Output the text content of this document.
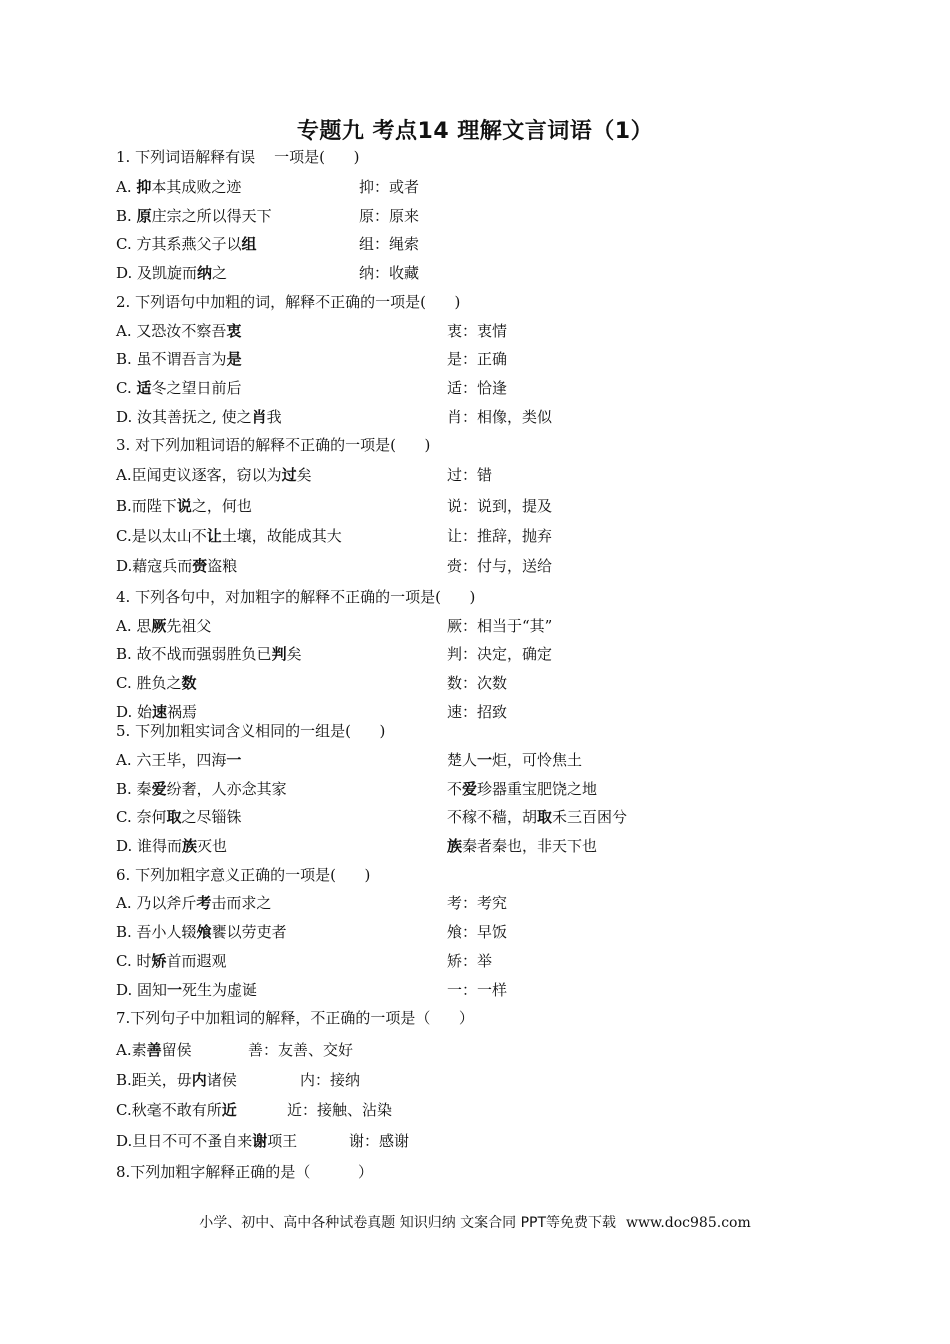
专题九 考点14 理解文言词语（1）
1. 下列词语解释有误    一项是(      )
A. 抑本其成败之迹	抑：或者
B. 原庄宗之所以得天下	原：原来
C. 方其系燕父子以组	组：绳索
D. 及凯旋而纳之	纳：收藏
2. 下列语句中加粗的词，解释不正确的一项是(      )
A. 又恐汝不察吾衷	衷：衷情
B. 虽不谓吾言为是	是：正确
C. 适冬之望日前后	适：恰逢
D. 汝其善抚之, 使之肖我	肖：相像，类似
3. 对下列加粗词语的解释不正确的一项是(      )
A.臣闻吏议逐客，窃以为过矣	过：错
B.而陛下说之，何也	说：说到，提及
C.是以太山不让土壤，故能成其大	让：推辞，抛弃
D.藉寇兵而赍盗粮	赍：付与，送给
4. 下列各句中，对加粗字的解释不正确的一项是(      )
A. 思厥先祖父	厥：相当于“其”
B. 故不战而强弱胜负已判矣	判：决定，确定
C. 胜负之数	数：次数
D. 始速祸焉	速：招致
5. 下列加粗实词含义相同的一组是(      )
A. 六王毕，四海一	楚人一炬，可怜焦土
B. 秦爱纷奢，人亦念其家	不爱珍器重宝肥饶之地
C. 奈何取之尽锱铢	不稼不穑，胡取禾三百困兮
D. 谁得而族灭也	族秦者秦也，非天下也
6. 下列加粗字意义正确的一项是(      )
A. 乃以斧斤考击而求之	考：考究
B. 吾小人辍飧饔以劳吏者	飧：早饭
C. 时矫首而遐观	矫：举
D. 固知一死生为虚诞	一：一样
7.下列句子中加粗词的解释，不正确的一项是（      ）
A.素善留侯	善：友善、交好
B.距关，毋内诸侯	内：接纳
C.秋毫不敢有所近	近：接触、沾染
D.旦日不可不蚤自来谢项王	谢：感谢
8.下列加粗字解释正确的是（          ）
小学、初中、高中各种试卷真题 知识归纳 文案合同 PPT等免费下载 www.doc985.com
